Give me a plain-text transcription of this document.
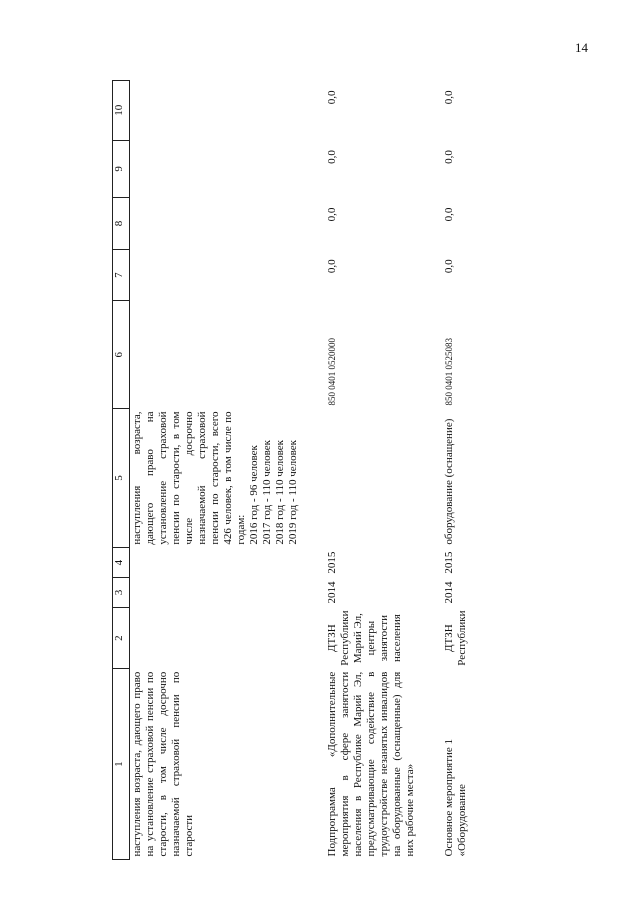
14
1	2	3	4	5	6	7	8	9	10
наступления возраста, дающего право на установление страховой пенсии по старости, в том числе досрочно назначаемой страховой пенсии по старости				наступления возраста, дающего право на установление страховой пенсии по старости, в том числе досрочно назначаемой страховой пенсии по старости, всего 426 человек, в том числе по годам: 2016 год - 96 человек 2017 год - 110 человек 2018 год - 110 человек 2019 год - 110 человек					

Подпрограмма «Дополнительные мероприятия в сфере занятости населения в Республике Марий Эл, предусматривающие содействие в трудоустройстве незанятых инвалидов на оборудованные (оснащенные) для них рабочие места»	ДТЗН Республики Марий Эл, центры занятости населения	2014	2015		850 0401 0520000	0,0	0,0	0,0	0,0

Основное мероприятие 1 «Оборудование	ДТЗН Республики	2014	2015	оборудование (оснащение)	850 0401 0525083	0,0	0,0	0,0	0,0
